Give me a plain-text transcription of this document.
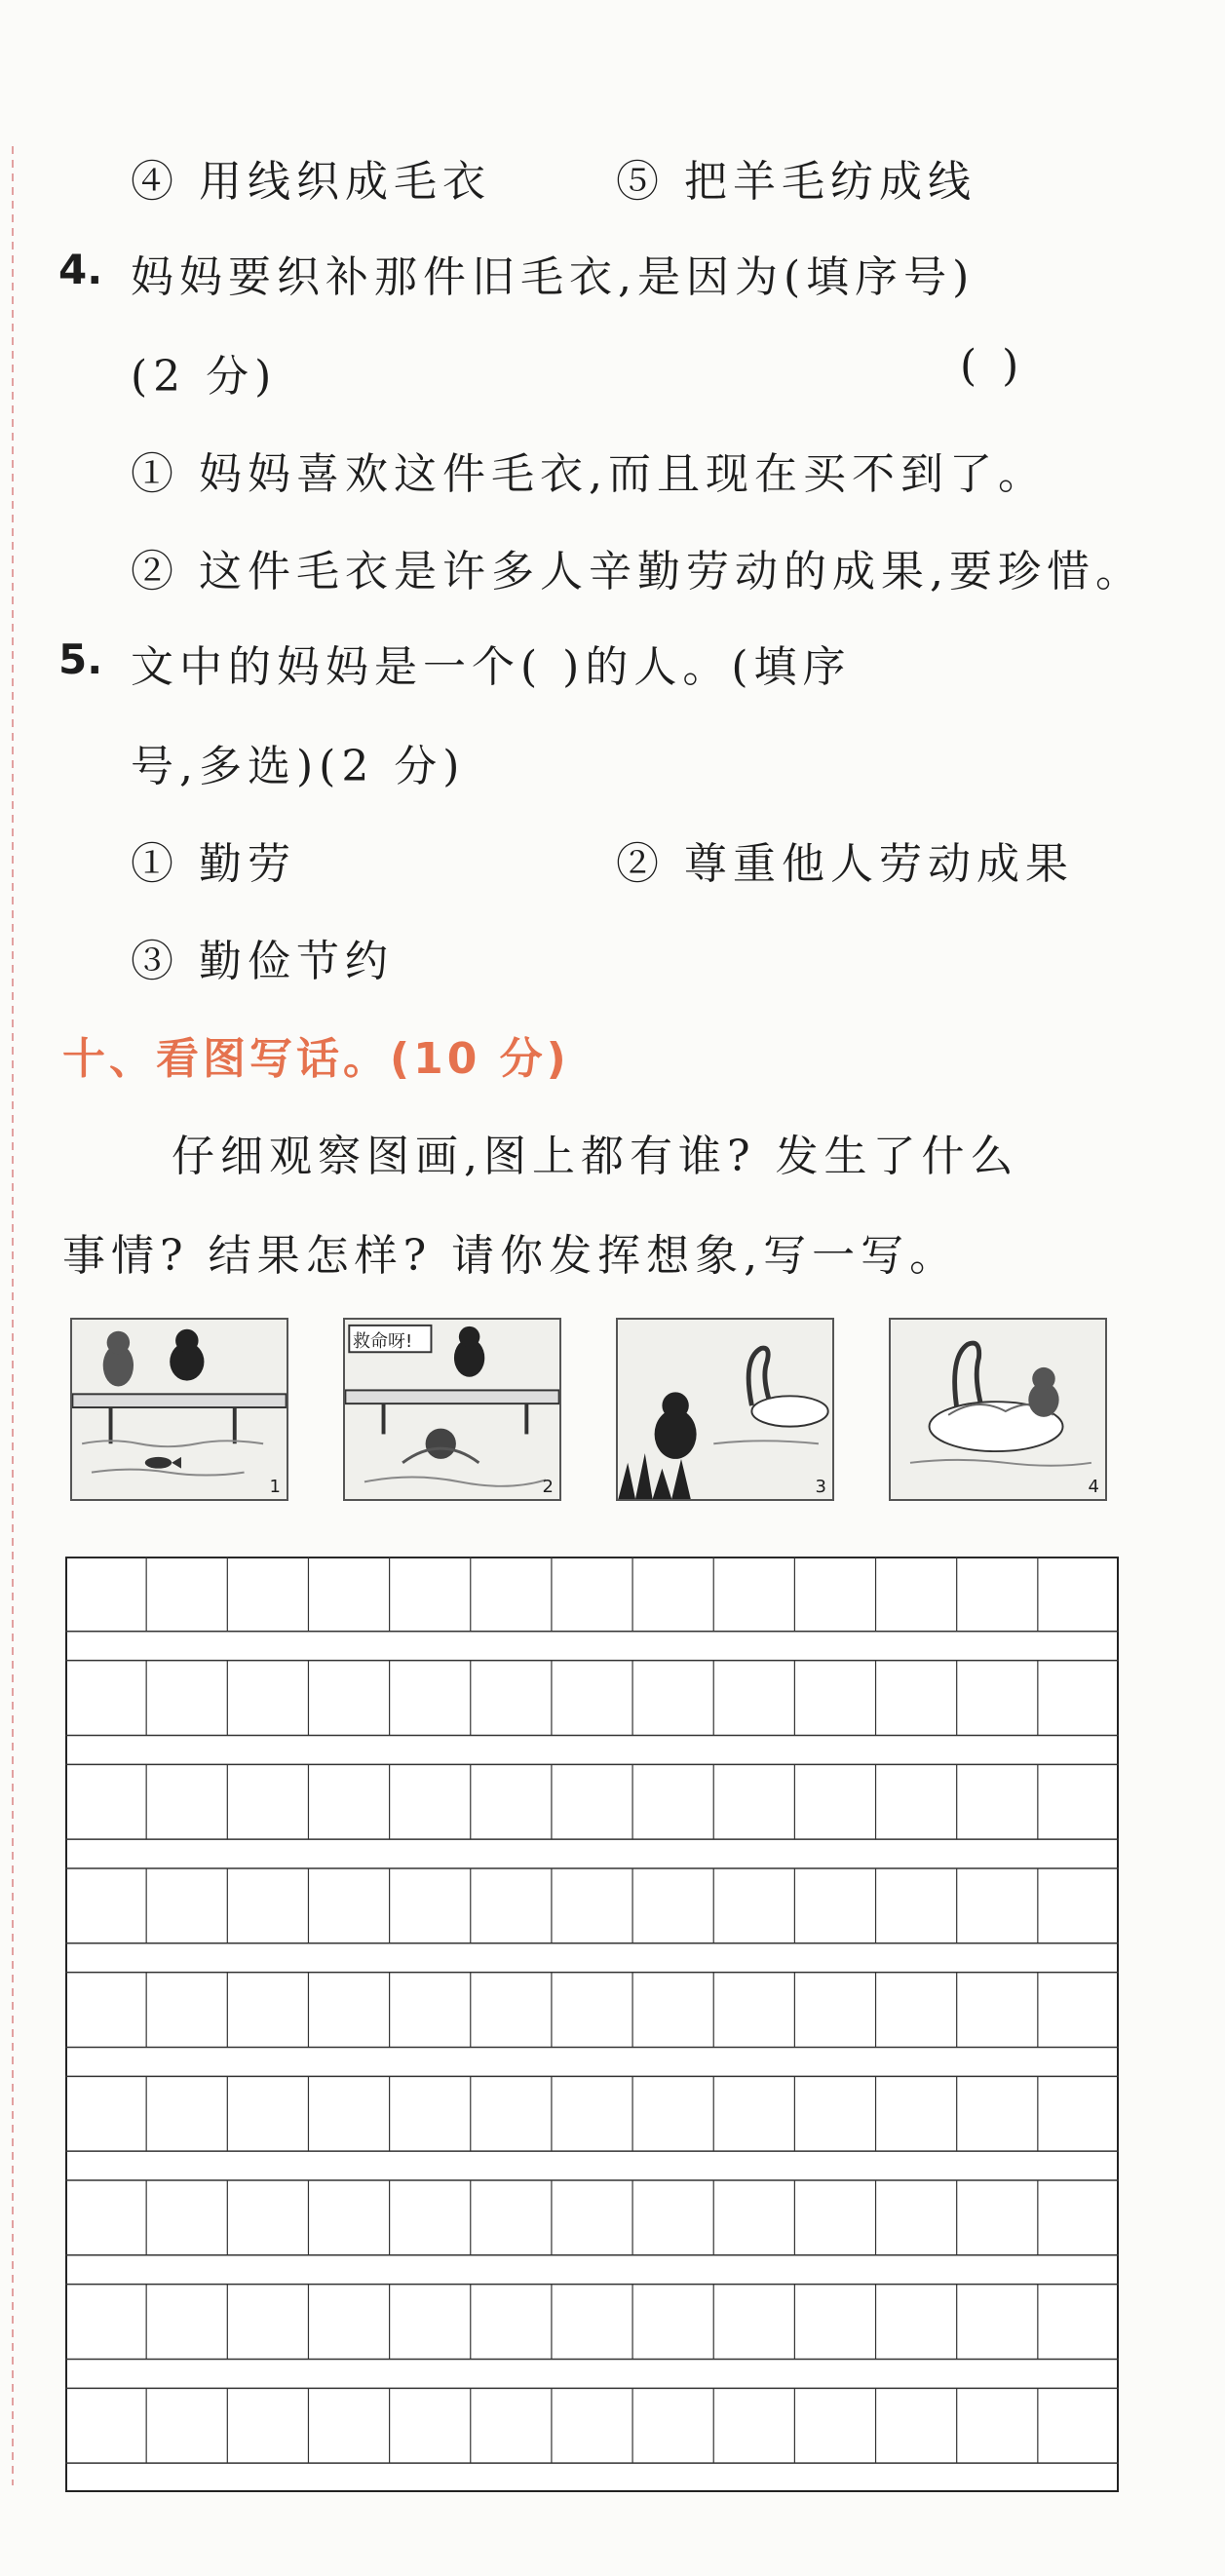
④ 用线织成毛衣	⑤ 把羊毛纺成线
4. 妈妈要织补那件旧毛衣,是因为(填序号)
(2 分)	( )
① 妈妈喜欢这件毛衣,而且现在买不到了。
② 这件毛衣是许多人辛勤劳动的成果,要珍惜。
5. 文中的妈妈是一个( )的人。(填序
号,多选)(2 分)
① 勤劳	② 尊重他人劳动成果
③ 勤俭节约
十、看图写话。(10 分)
仔细观察图画,图上都有谁? 发生了什么
事情? 结果怎样? 请你发挥想象,写一写。
1
救命呀!
2	3	4
